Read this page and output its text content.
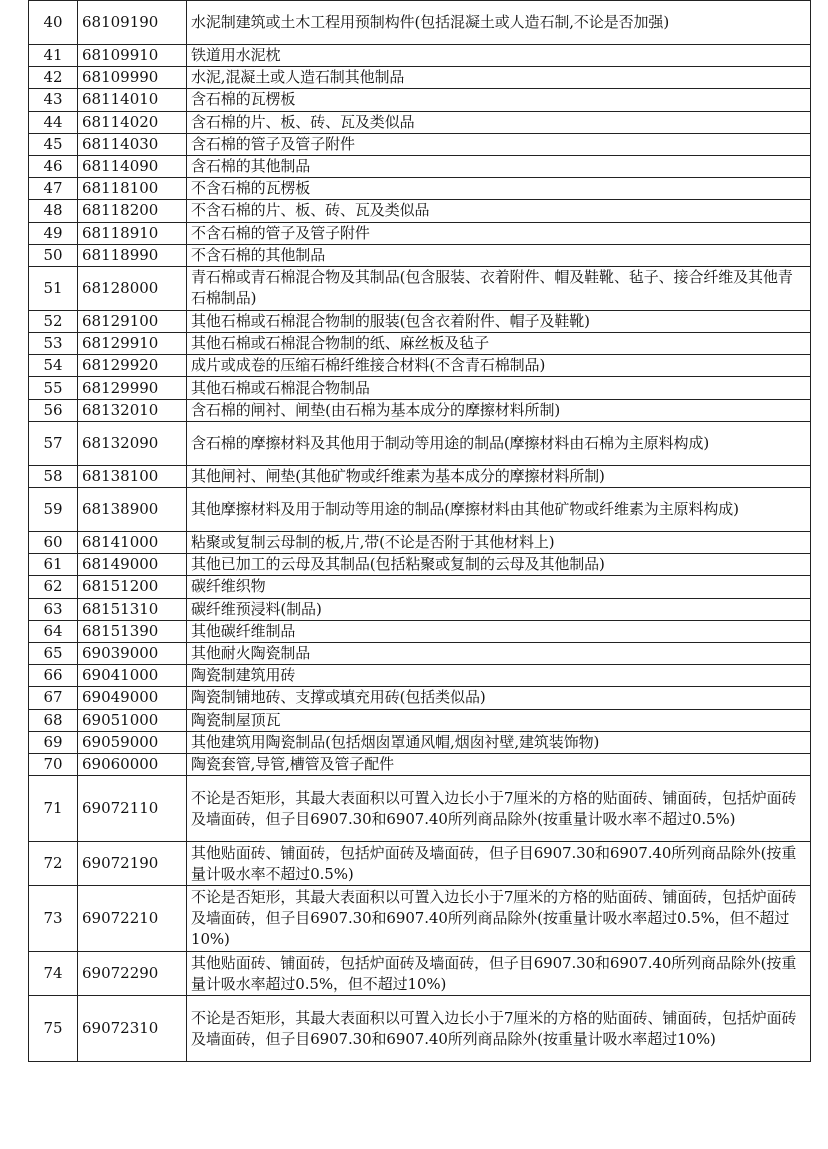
40	68109190	水泥制建筑或土木工程用预制构件(包括混凝土或人造石制,不论是否加强)
41	68109910	铁道用水泥枕
42	68109990	水泥,混凝土或人造石制其他制品
43	68114010	含石棉的瓦楞板
44	68114020	含石棉的片、板、砖、瓦及类似品
45	68114030	含石棉的管子及管子附件
46	68114090	含石棉的其他制品
47	68118100	不含石棉的瓦楞板
48	68118200	不含石棉的片、板、砖、瓦及类似品
49	68118910	不含石棉的管子及管子附件
50	68118990	不含石棉的其他制品
51	68128000	青石棉或青石棉混合物及其制品(包含服装、衣着附件、帽及鞋靴、毡子、接合纤维及其他青石棉制品)
52	68129100	其他石棉或石棉混合物制的服装(包含衣着附件、帽子及鞋靴)
53	68129910	其他石棉或石棉混合物制的纸、麻丝板及毡子
54	68129920	成片或成卷的压缩石棉纤维接合材料(不含青石棉制品)
55	68129990	其他石棉或石棉混合物制品
56	68132010	含石棉的闸衬、闸垫(由石棉为基本成分的摩擦材料所制)
57	68132090	含石棉的摩擦材料及其他用于制动等用途的制品(摩擦材料由石棉为主原料构成)
58	68138100	其他闸衬、闸垫(其他矿物或纤维素为基本成分的摩擦材料所制)
59	68138900	其他摩擦材料及用于制动等用途的制品(摩擦材料由其他矿物或纤维素为主原料构成)
60	68141000	粘聚或复制云母制的板,片,带(不论是否附于其他材料上)
61	68149000	其他已加工的云母及其制品(包括粘聚或复制的云母及其他制品)
62	68151200	碳纤维织物
63	68151310	碳纤维预浸料(制品)
64	68151390	其他碳纤维制品
65	69039000	其他耐火陶瓷制品
66	69041000	陶瓷制建筑用砖
67	69049000	陶瓷制铺地砖、支撑或填充用砖(包括类似品)
68	69051000	陶瓷制屋顶瓦
69	69059000	其他建筑用陶瓷制品(包括烟囱罩通风帽,烟囱衬壁,建筑装饰物)
70	69060000	陶瓷套管,导管,槽管及管子配件
71	69072110	不论是否矩形，其最大表面积以可置入边长小于7厘米的方格的贴面砖、铺面砖，包括炉面砖及墙面砖，但子目6907.30和6907.40所列商品除外(按重量计吸水率不超过0.5%)
72	69072190	其他贴面砖、铺面砖，包括炉面砖及墙面砖，但子目6907.30和6907.40所列商品除外(按重量计吸水率不超过0.5%)
73	69072210	不论是否矩形，其最大表面积以可置入边长小于7厘米的方格的贴面砖、铺面砖，包括炉面砖及墙面砖，但子目6907.30和6907.40所列商品除外(按重量计吸水率超过0.5%，但不超过10%)
74	69072290	其他贴面砖、铺面砖，包括炉面砖及墙面砖，但子目6907.30和6907.40所列商品除外(按重量计吸水率超过0.5%，但不超过10%)
75	69072310	不论是否矩形，其最大表面积以可置入边长小于7厘米的方格的贴面砖、铺面砖，包括炉面砖及墙面砖，但子目6907.30和6907.40所列商品除外(按重量计吸水率超过10%)
